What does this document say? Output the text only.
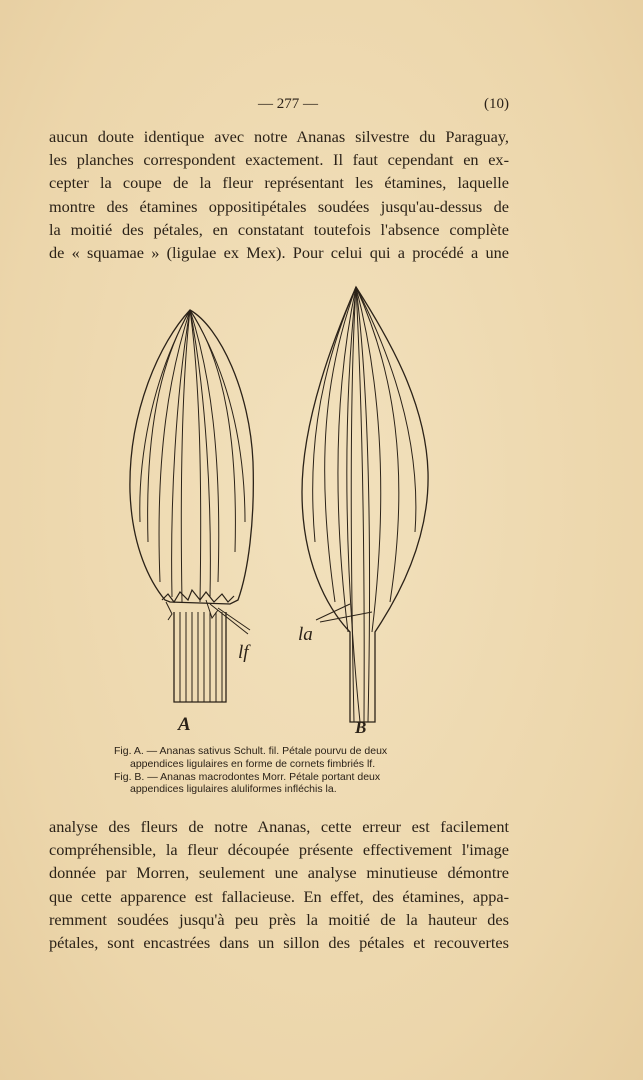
— 277 —	(10)
aucun doute identique avec notre Ananas silvestre du Paraguay,
les planches correspondent exactement. Il faut cependant en ex-
cepter la coupe de la fleur représentant les étamines, laquelle
montre des étamines oppositipétales soudées jusqu'au-dessus de
la moitié des pétales, en constatant toutefois l'absence complète
de « squamae » (ligulae ex Mex). Pour celui qui a procédé a une
A	B
lf
la
Fig. A. — Ananas sativus Schult. fil. Pétale pourvu de deux
appendices ligulaires en forme de cornets fimbriés lf.
Fig. B. — Ananas macrodontes Morr. Pétale portant deux
appendices ligulaires aluliformes infléchis la.
analyse des fleurs de notre Ananas, cette erreur est facilement
compréhensible, la fleur découpée présente effectivement l'image
donnée par Morren, seulement une analyse minutieuse démontre
que cette apparence est fallacieuse. En effet, des étamines, appa-
remment soudées jusqu'à peu près la moitié de la hauteur des
pétales, sont encastrées dans un sillon des pétales et recouvertes
